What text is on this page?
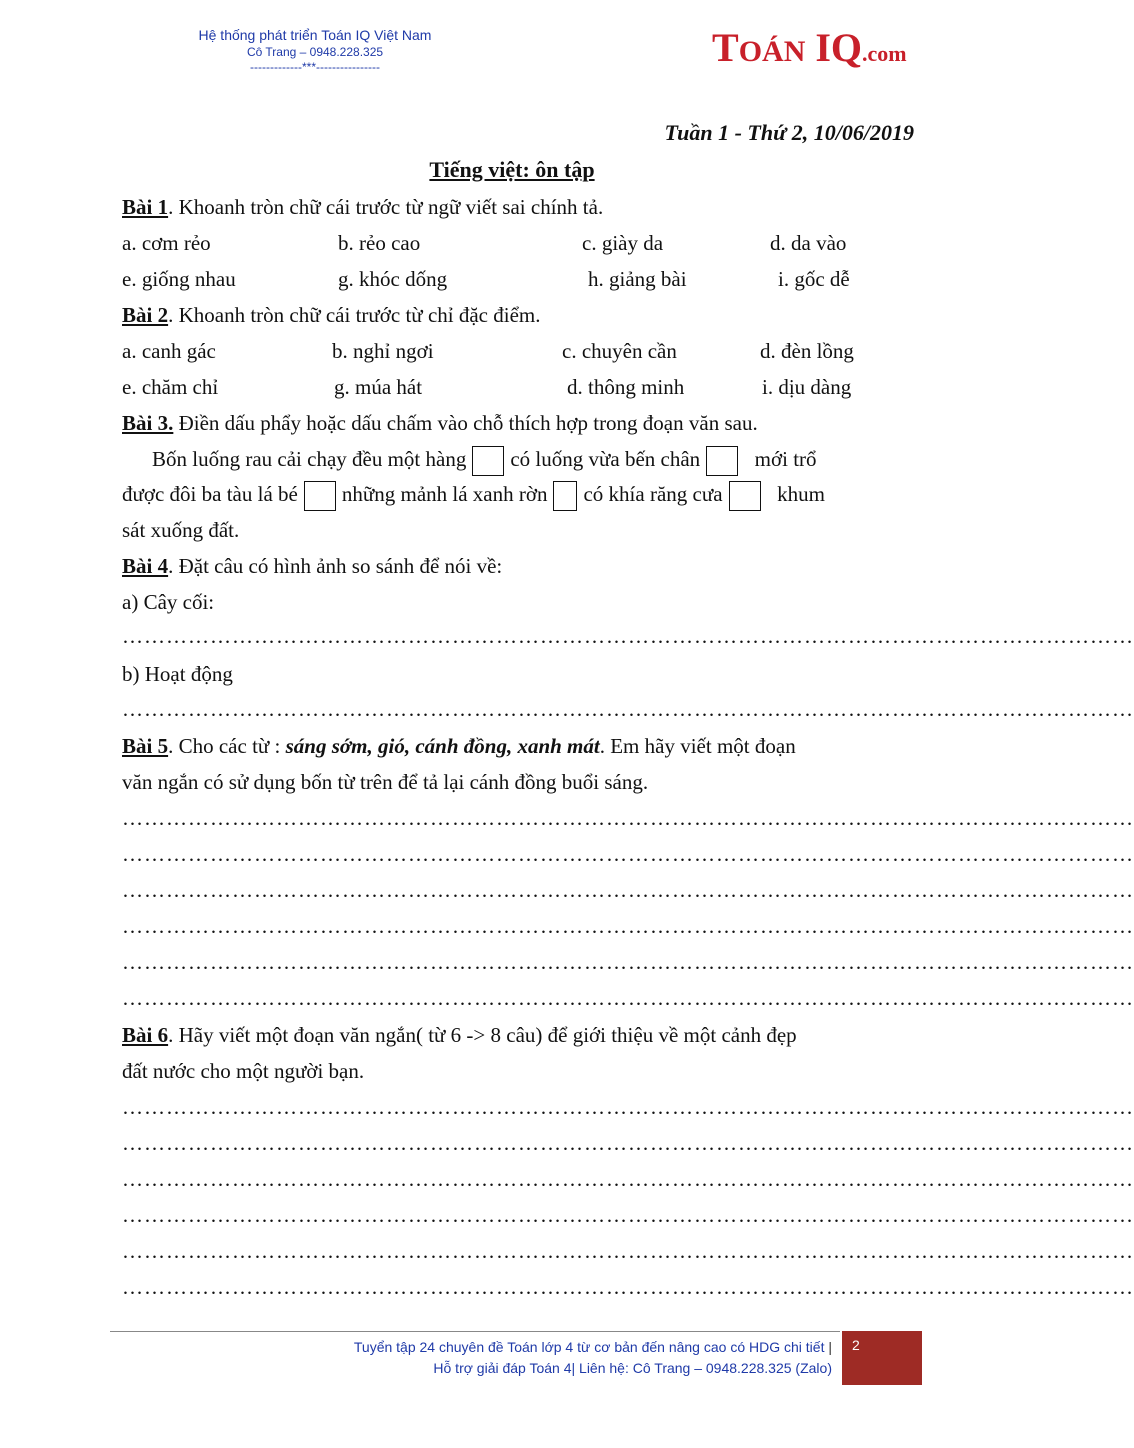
Hệ thống phát triển Toán IQ Việt Nam
Cô Trang – 0948.228.325
-------------***----------------	TOÁN IQ.com
Tuần 1 - Thứ 2, 10/06/2019
Tiếng việt: ôn tập
Bài 1. Khoanh tròn chữ cái trước từ ngữ viết sai chính tả.
a. cơm rẻo	b. rẻo cao	c. giày da	d. da vào
e. giống nhau	g. khóc dống	h. giảng bài	i. gốc dễ
Bài 2. Khoanh tròn chữ cái trước từ chỉ đặc điểm.
a. canh gác	b. nghỉ ngơi	c. chuyên cần	d. đèn lồng
e. chăm chỉ	g. múa hát	d. thông minh	i. dịu dàng
Bài 3. Điền dấu phẩy hoặc dấu chấm vào chỗ thích hợp trong đoạn văn sau.
Bốn luống rau cải chạy đều một hàng có luống vừa bến chân	mới trổ
được đôi ba tàu lá bé những mảnh lá xanh rờn có khía răng cưa	khum
sát xuống đất.
Bài 4. Đặt câu có hình ảnh so sánh để nói về:
a) Cây cối:
…………………………………………………………………………………………………………………………
b) Hoạt động
…………………………………………………………………………………………………………………………
Bài 5. Cho các từ : sáng sớm, gió, cánh đồng, xanh mát. Em hãy viết một đoạn
văn ngắn có sử dụng bốn từ trên để tả lại cánh đồng buổi sáng.
…………………………………………………………………………………………………………………………
…………………………………………………………………………………………………………………………
…………………………………………………………………………………………………………………………
…………………………………………………………………………………………………………………………
…………………………………………………………………………………………………………………………
…………………………………………………………………………………………………………………………
Bài 6. Hãy viết một đoạn văn ngắn( từ 6 -> 8 câu) để giới thiệu về một cảnh đẹp
đất nước cho một người bạn.
…………………………………………………………………………………………………………………………
…………………………………………………………………………………………………………………………
…………………………………………………………………………………………………………………………
…………………………………………………………………………………………………………………………
…………………………………………………………………………………………………………………………
…………………………………………………………………………………………………………………………
Tuyển tập 24 chuyên đề Toán lớp 4 từ cơ bản đến nâng cao có HDG chi tiết |
Hỗ trợ giải đáp Toán 4| Liên hệ: Cô Trang – 0948.228.325 (Zalo)
2
